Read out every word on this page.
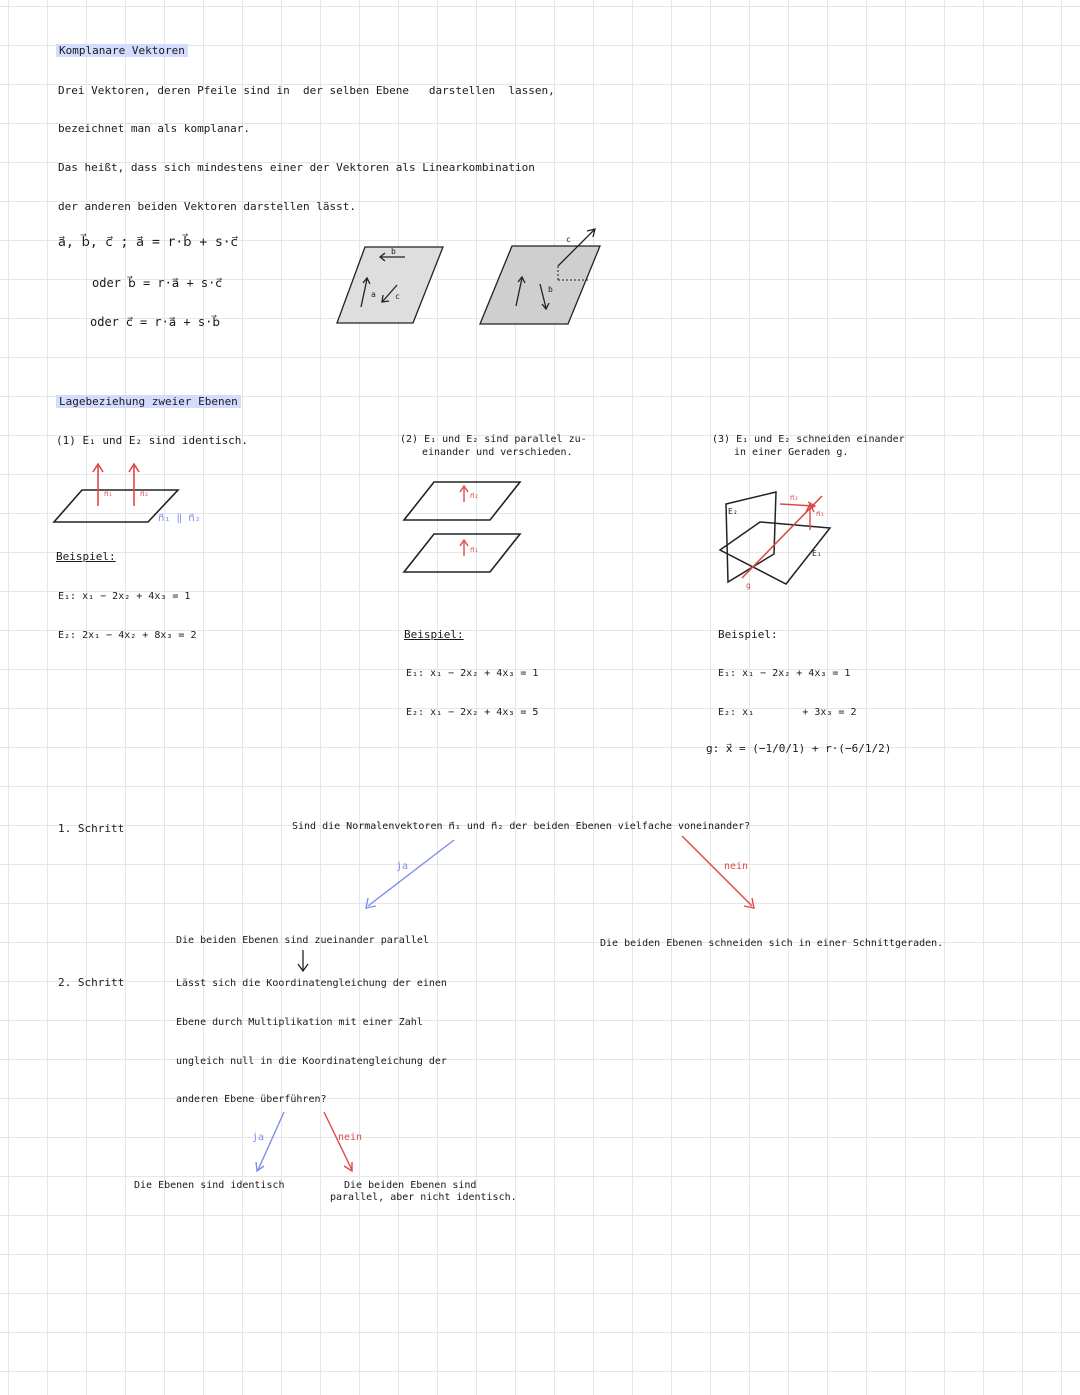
Komplanare Vektoren
Drei Vektoren, deren Pfeile sind in der selben Ebene darstellen lassen,
bezeichnet man als komplanar.
Das heißt, dass sich mindestens einer der Vektoren als Linearkombination
der anderen beiden Vektoren darstellen lässt.
a⃗, b⃗, c⃗ ; a⃗ = r·b⃗ + s·c⃗
oder b⃗ = r·a⃗ + s·c⃗
oder c⃗ = r·a⃗ + s·b⃗
b
a c
c
b
Lagebeziehung zweier Ebenen
(1) E₁ und E₂ sind identisch.	(2) E₁ und E₂ sind parallel zu-
einander und verschieden.
(3) E₁ und E₂ schneiden einander
in einer Geraden g.
n⃗₁	n⃗₂
n⃗₁ ‖ n⃗₂
n⃗₂
n⃗₁
E₂
E₁
n⃗₂
n⃗₁
g
Beispiel:
E₁: x₁ − 2x₂ + 4x₃ = 1
E₂: 2x₁ − 4x₂ + 8x₃ = 2	Beispiel:
E₁: x₁ − 2x₂ + 4x₃ = 1
E₂: x₁ − 2x₂ + 4x₃ = 5
Beispiel:
E₁: x₁ − 2x₂ + 4x₃ = 1
E₂: x₁        + 3x₃ = 2
g: x⃗ = (−1/0/1) + r·(−6/1/2)
1. Schritt	Sind die Normalenvektoren n⃗₁ und n⃗₂ der beiden Ebenen vielfache voneinander?
ja	nein
Die beiden Ebenen sind zueinander parallel	Die beiden Ebenen schneiden sich in einer Schnittgeraden.
2. Schritt	Lässt sich die Koordinatengleichung der einen
Ebene durch Multiplikation mit einer Zahl
ungleich null in die Koordinatengleichung der
anderen Ebene überführen?
ja	nein
Die Ebenen sind identisch	Die beiden Ebenen sind
parallel, aber nicht identisch.
